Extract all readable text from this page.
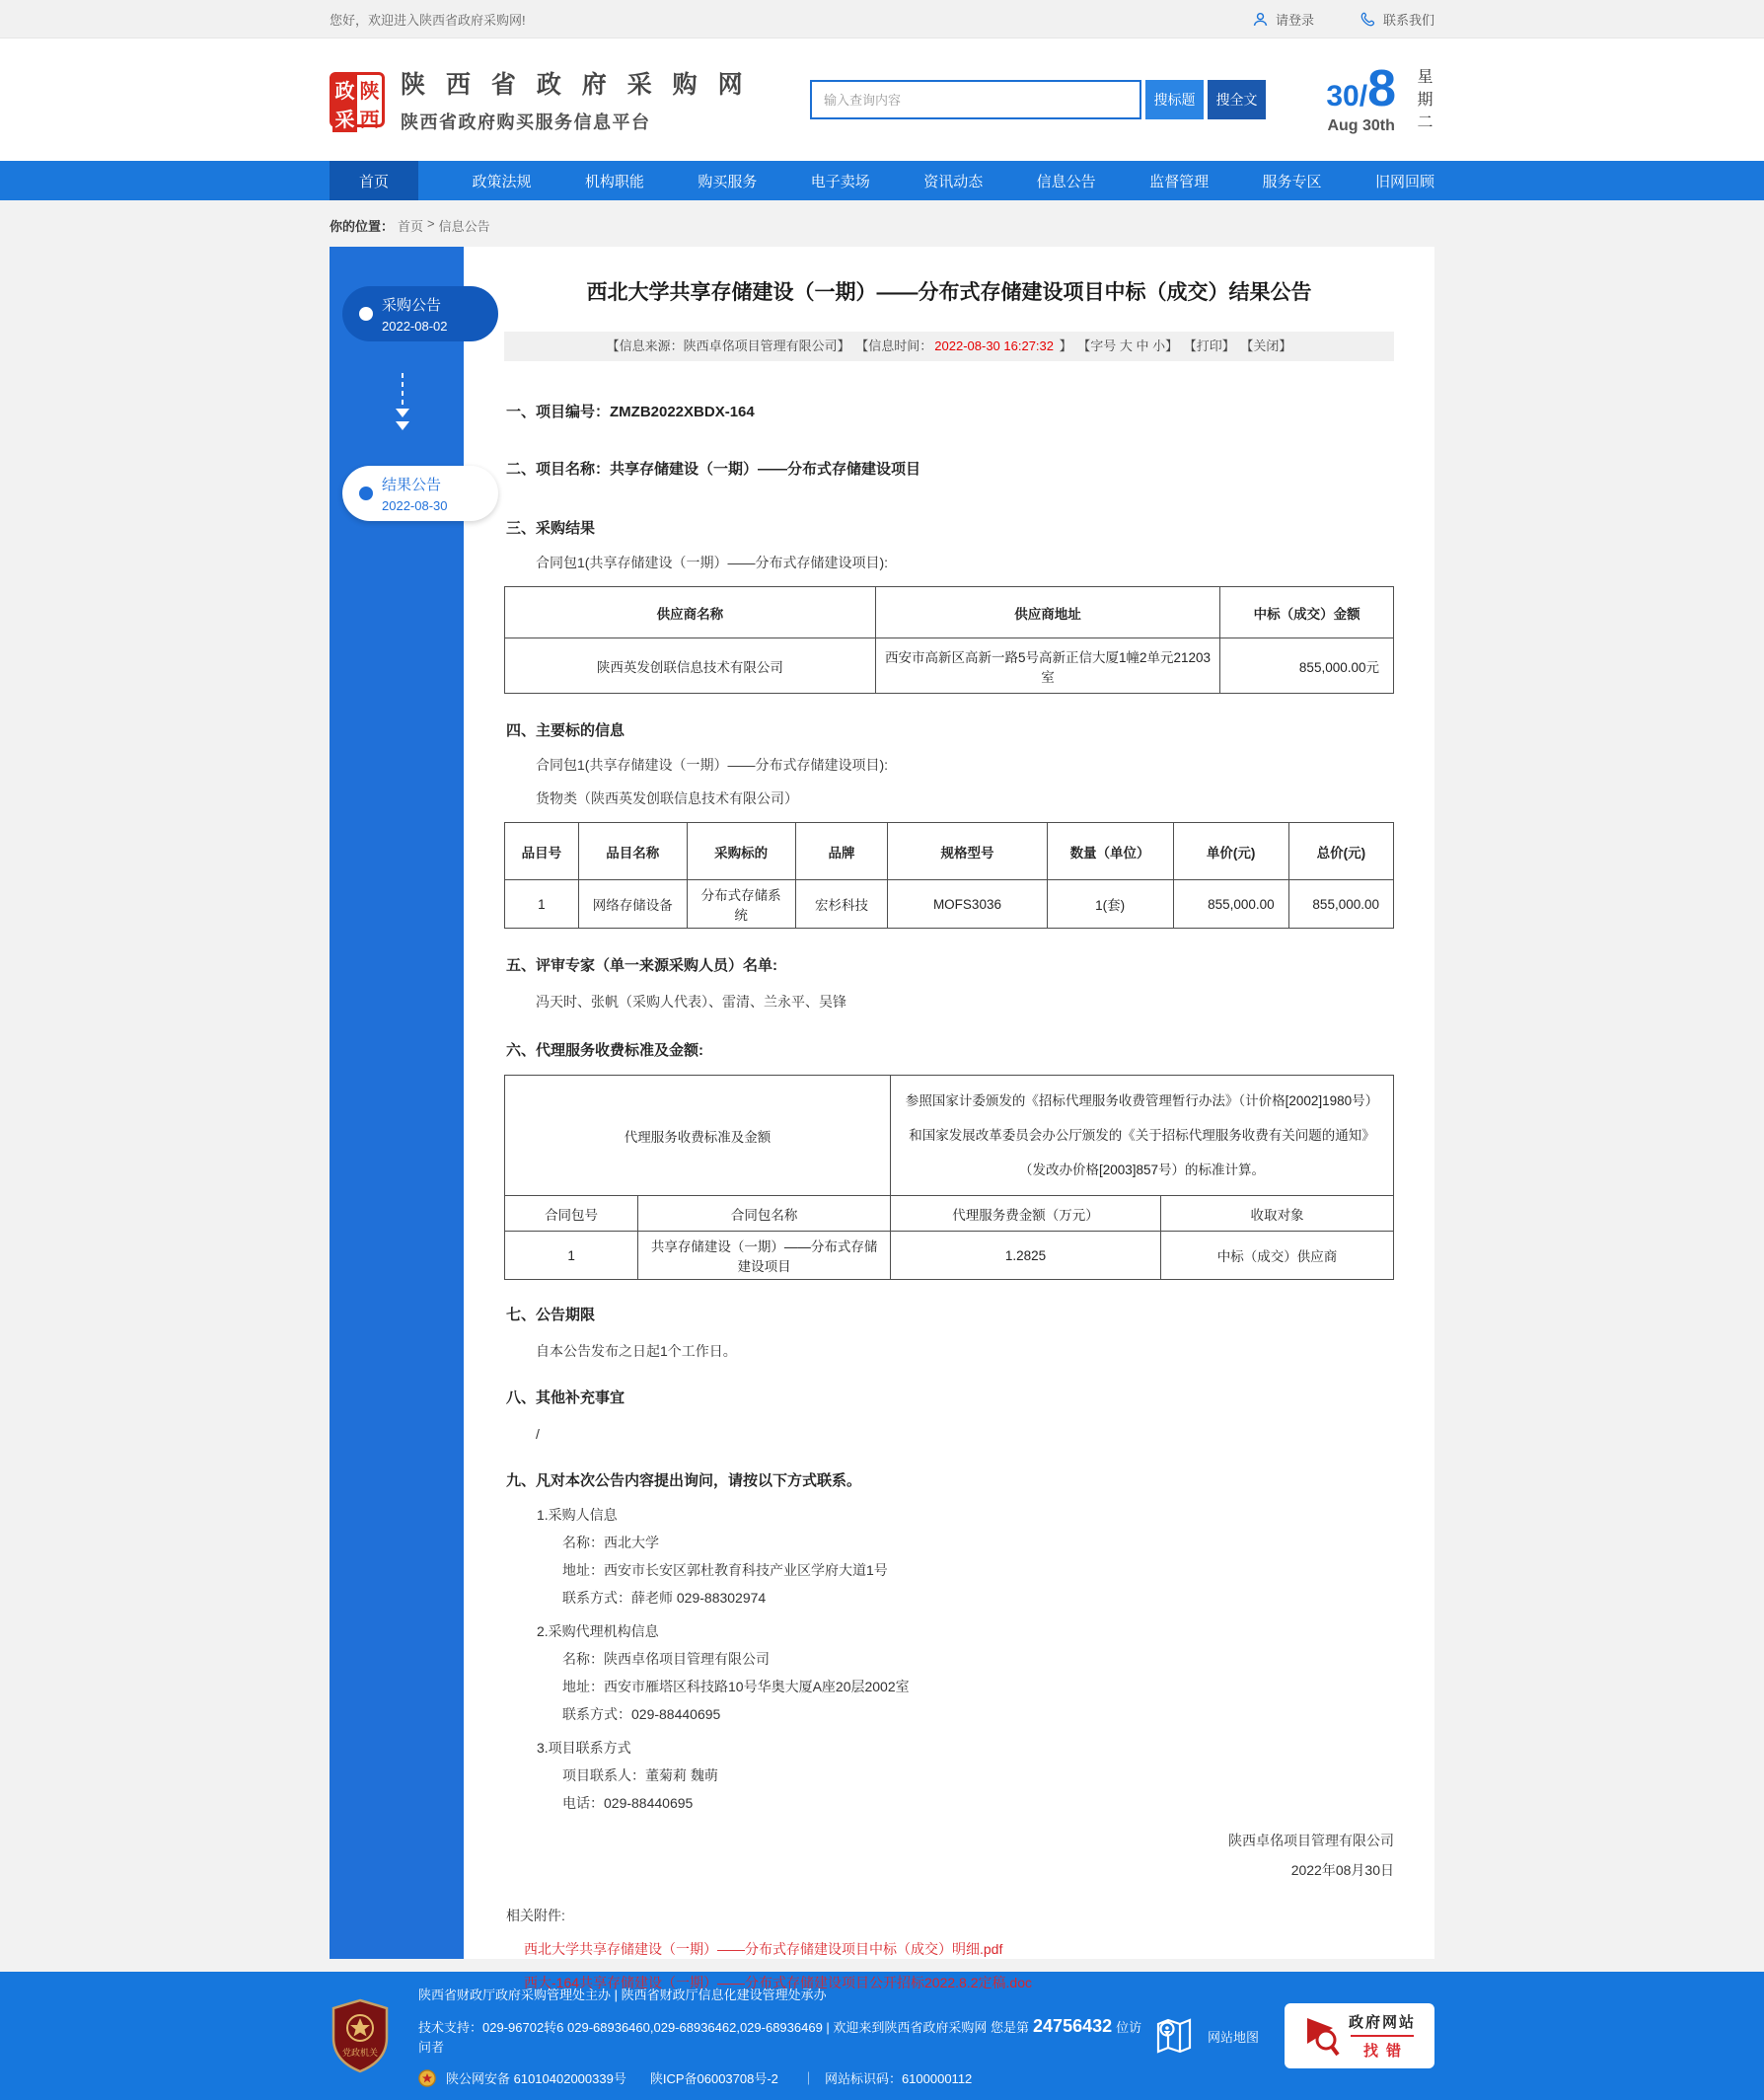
您好，欢迎进入陕西省政府采购网!	请登录	联系我们
政 陕
采 西
陕 西 省 政 府 采 购 网
陕西省政府购买服务信息平台
输入查询内容
搜标题	搜全文 30/ 8
Aug 30th 星期二
首页	政策法规	机构职能	购买服务	电子卖场	资讯动态	信息公告	监督管理	服务专区	旧网回顾
你的位置： 首页 > 信息公告
采购公告
2022-08-02
结果公告
2022-08-30
西北大学共享存储建设（一期）——分布式存储建设项目中标（成交）结果公告
【信息来源：陕西卓佲项目管理有限公司】 【信息时间： 2022-08-30 16:27:32 】 【字号 大 中 小】 【打印】 【关闭】
一、项目编号：ZMZB2022XBDX-164
二、项目名称：共享存储建设（一期）——分布式存储建设项目
三、采购结果
合同包1(共享存储建设（一期）——分布式存储建设项目):
供应商名称	供应商地址	中标（成交）金额
陕西英发创联信息技术有限公司	西安市高新区高新一路5号高新正信大厦1幢2单元21203室	855,000.00元
四、主要标的信息
合同包1(共享存储建设（一期）——分布式存储建设项目):
货物类（陕西英发创联信息技术有限公司）
品目号	品目名称	采购标的	品牌	规格型号	数量（单位）	单价(元)	总价(元)
1	网络存储设备	分布式存储系统	宏杉科技	MOFS3036	1(套)	855,000.00	855,000.00
五、评审专家（单一来源采购人员）名单:
冯天时、张帆（采购人代表）、雷清、兰永平、吴锋
六、代理服务收费标准及金额:
代理服务收费标准及金额		参照国家计委颁发的《招标代理服务收费管理暂行办法》（计价格[2002]1980号）和国家发展改革委员会办公厅颁发的《关于招标代理服务收费有关问题的通知》（发改办价格[2003]857号）的标准计算。	
合同包号	合同包名称	代理服务费金额（万元）	收取对象
1	共享存储建设（一期）——分布式存储建设项目	1.2825	中标（成交）供应商
七、公告期限
自本公告发布之日起1个工作日。
八、其他补充事宜
/
九、凡对本次公告内容提出询问，请按以下方式联系。
1.采购人信息
名称：西北大学
地址：西安市长安区郭杜教育科技产业区学府大道1号
联系方式：薛老师 029-88302974
2.采购代理机构信息
名称：陕西卓佲项目管理有限公司
地址：西安市雁塔区科技路10号华奥大厦A座20层2002室
联系方式：029-88440695
3.项目联系方式
项目联系人：董菊莉 魏萌
电话：029-88440695
陕西卓佲项目管理有限公司
2022年08月30日
相关附件:
西北大学共享存储建设（一期）——分布式存储建设项目中标（成交）明细.pdf
西大-164共享存储建设（一期）——分布式存储建设项目公开招标2022.8.2定稿.doc
党政机关
陕西省财政厅政府采购管理处主办 | 陕西省财政厅信息化建设管理处承办
技术支持：029-96702转6 029-68936460,029-68936462,029-68936469 | 欢迎来到陕西省政府采购网 您是第 24756432 位访问者
陕公网安备 61010402000339号 陕ICP备06003708号-2 ｜ 网站标识码：6100000112
网站地图
政府网站
找错
